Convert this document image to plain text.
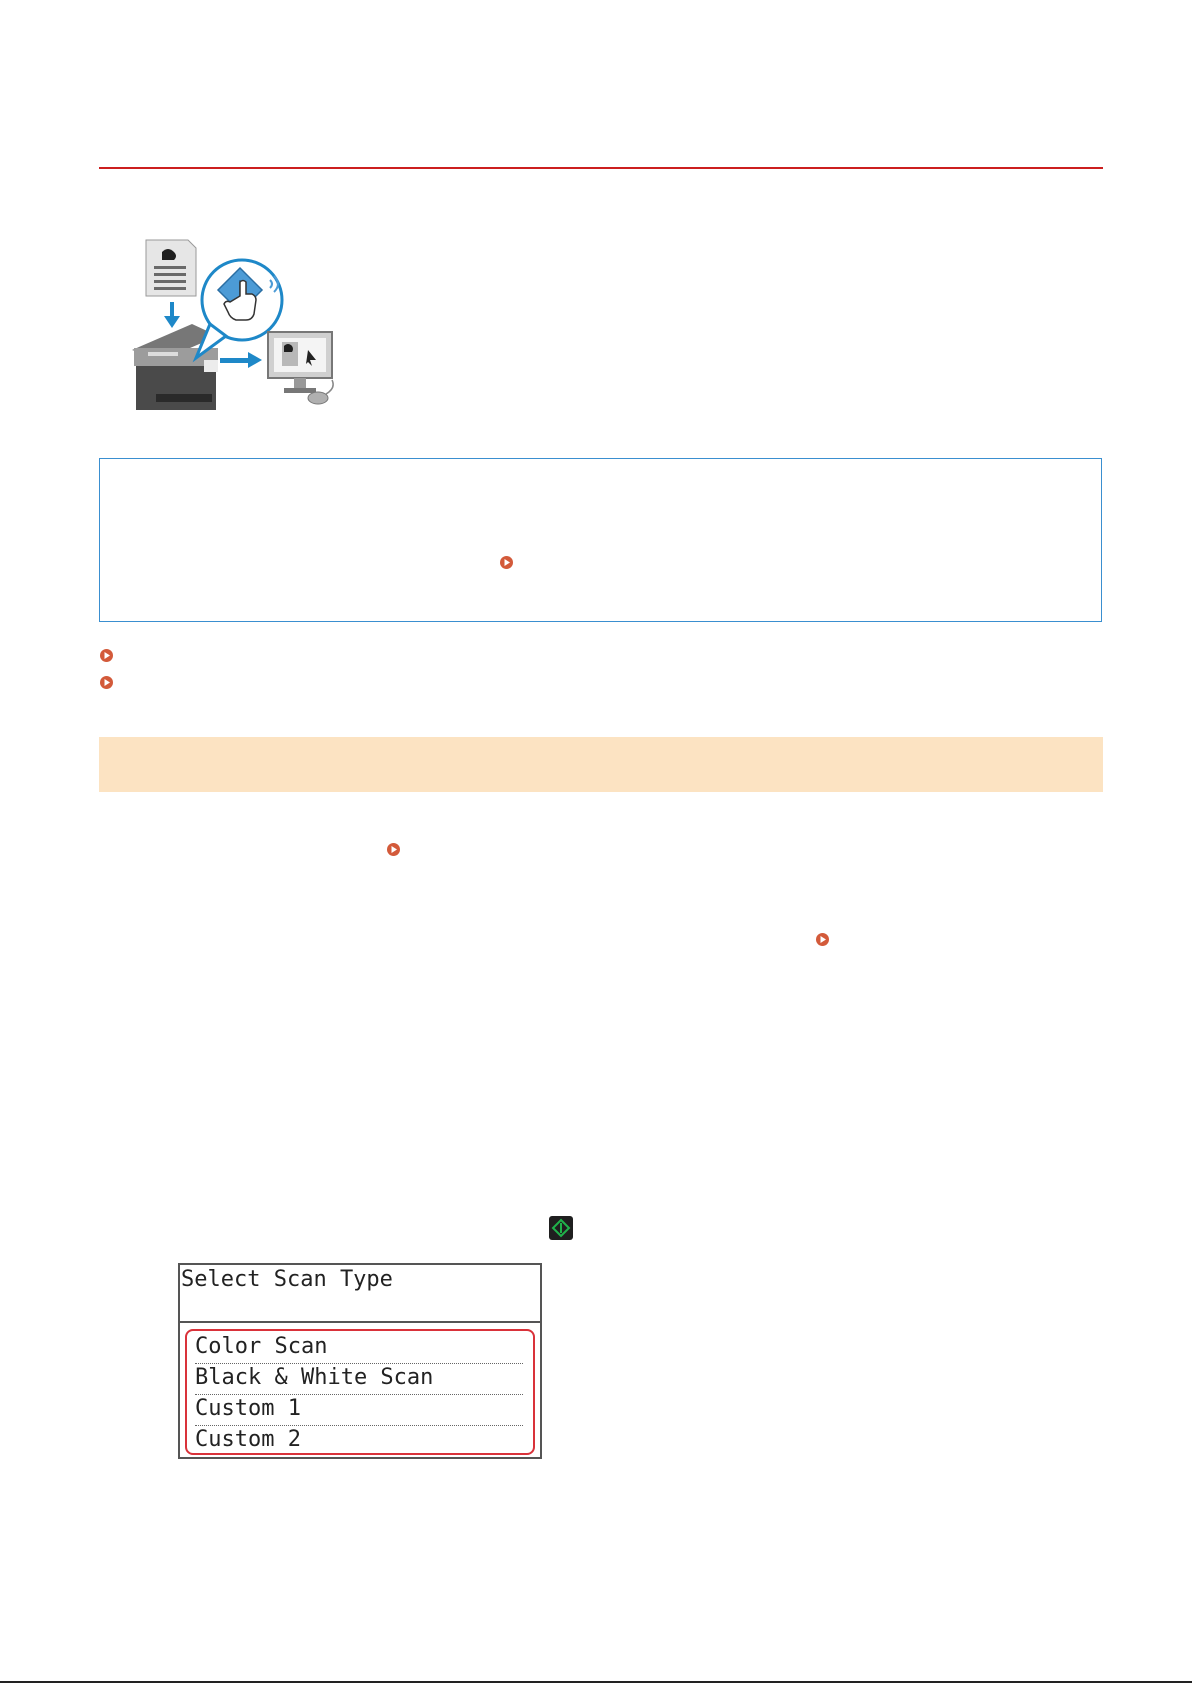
Select Scan Type
Color Scan
Black & White Scan
Custom 1
Custom 2
